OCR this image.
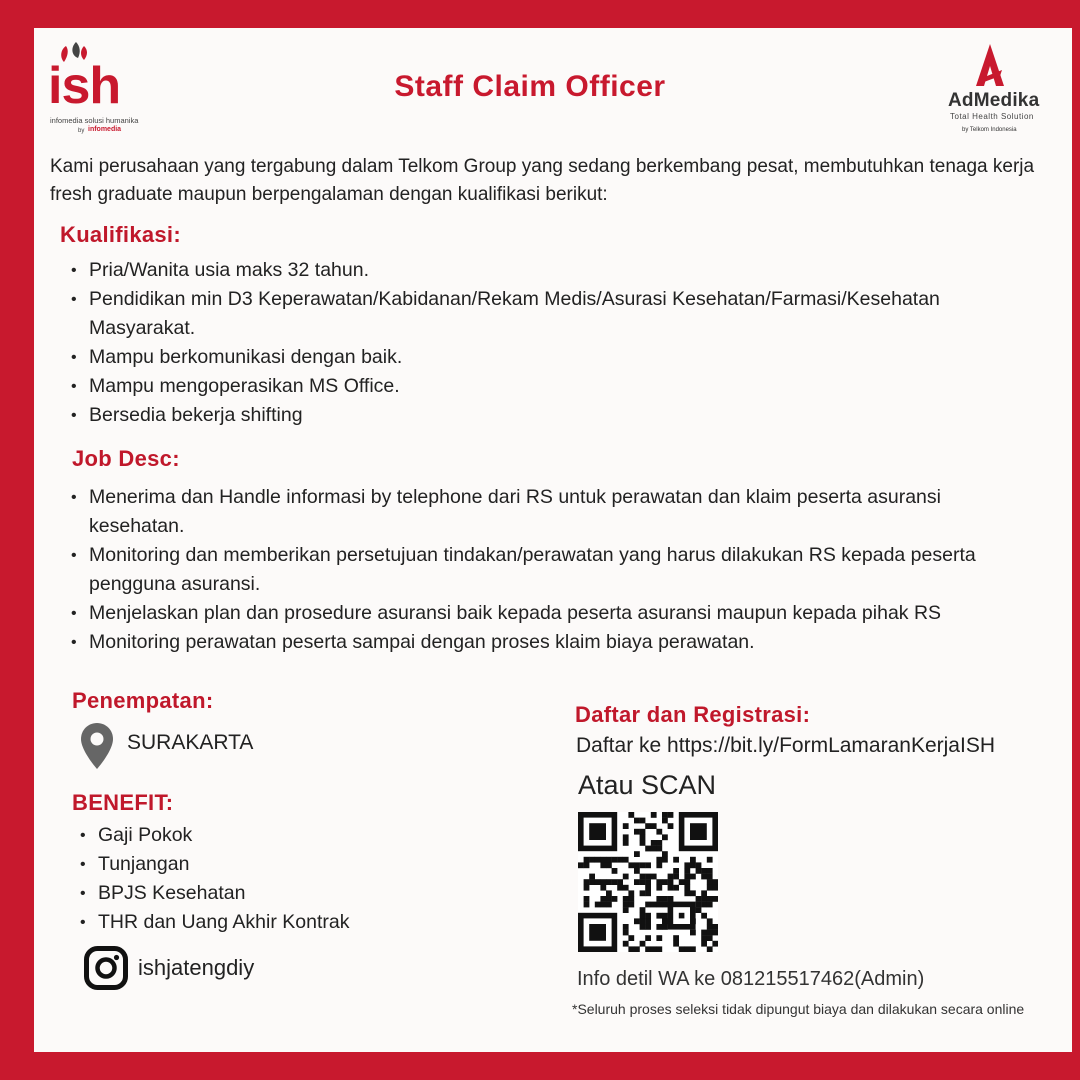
ish
infomedia solusi humanika
by infomedia
Staff Claim Officer	AdMedika
Total Health Solution
by Telkom Indonesia
Kami perusahaan yang tergabung dalam Telkom Group yang sedang berkembang pesat, membutuhkan tenaga kerja fresh graduate maupun berpengalaman dengan kualifikasi berikut:
Kualifikasi:
• Pria/Wanita usia maks 32 tahun.
• Pendidikan min D3 Keperawatan/Kabidanan/Rekam Medis/Asurasi Kesehatan/Farmasi/Kesehatan Masyarakat.
• Mampu berkomunikasi dengan baik.
• Mampu mengoperasikan MS Office.
• Bersedia bekerja shifting
Job Desc:
• Menerima dan Handle informasi by telephone dari RS untuk perawatan dan klaim peserta asuransi kesehatan.
• Monitoring dan memberikan persetujuan tindakan/perawatan yang harus dilakukan RS kepada peserta pengguna asuransi.
• Menjelaskan plan dan prosedure asuransi baik kepada peserta asuransi maupun kepada pihak RS
• Monitoring perawatan peserta sampai dengan proses klaim biaya perawatan.
Penempatan:
SURAKARTA
BENEFIT:
• Gaji Pokok
• Tunjangan
• BPJS Kesehatan
• THR dan Uang Akhir Kontrak
ishjatengdiy
Daftar dan Registrasi:
Daftar ke https://bit.ly/FormLamaranKerjaISH
Atau SCAN
Info detil WA ke 081215517462(Admin)
*Seluruh proses seleksi tidak dipungut biaya dan dilakukan secara online
